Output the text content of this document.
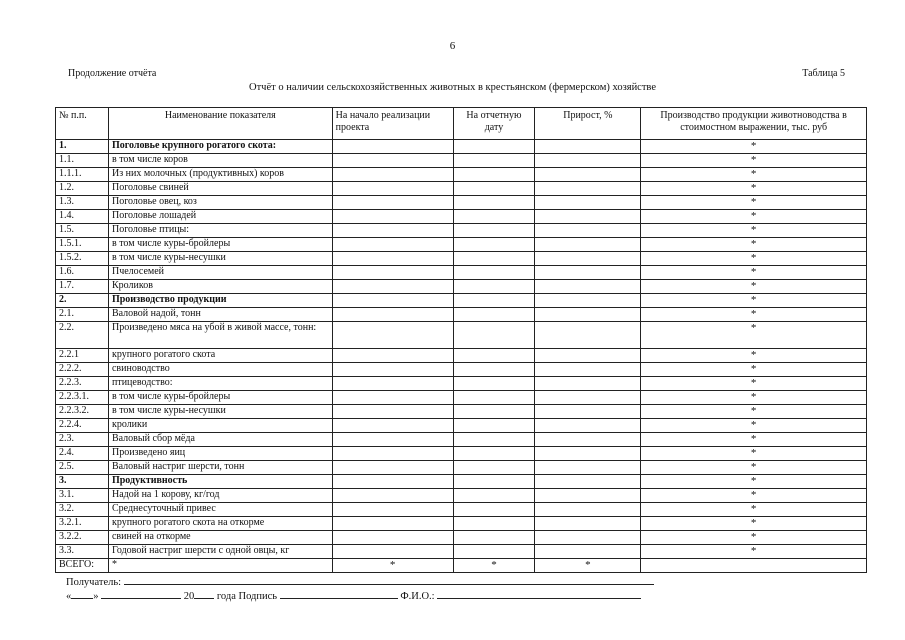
6
Продолжение отчёта	Таблица 5
Отчёт о наличии сельскохозяйственных животных в крестьянском (фермерском) хозяйстве
№ п.п.	Наименование показателя	На начало реализации проекта	На отчетную дату	Прирост, %	Производство продукции животноводства в стоимостном выражении, тыс. руб
1.	Поголовье крупного рогатого скота:				*
1.1.	в том числе коров				*
1.1.1.	Из них молочных (продуктивных) коров				*
1.2.	Поголовье свиней				*
1.3.	Поголовье овец, коз				*
1.4.	Поголовье лошадей				*
1.5.	Поголовье птицы:				*
1.5.1.	в том числе куры-бройлеры				*
1.5.2.	в том числе куры-несушки				*
1.6.	Пчелосемей				*
1.7.	Кроликов				*
2.	Производство продукции				*
2.1.	Валовой надой, тонн				*
2.2.	Произведено мяса на убой в живой массе, тонн:				*
2.2.1	крупного рогатого скота				*
2.2.2.	свиноводство				*
2.2.3.	птицеводство:				*
2.2.3.1.	в том числе куры-бройлеры				*
2.2.3.2.	в том числе куры-несушки				*
2.2.4.	кролики				*
2.3.	Валовый сбор мёда				*
2.4.	Произведено яиц				*
2.5.	Валовый настриг шерсти, тонн				*
3.	Продуктивность				*
3.1.	Надой на 1 корову, кг/год				*
3.2.	Среднесуточный привес				*
3.2.1.	крупного рогатого скота на откорме				*
3.2.2.	свиней на откорме				*
3.3.	Годовой настриг шерсти с одной овцы, кг				*
ВСЕГО:	*	*	*	*	
Получатель:
« »	20 года Подпись	Ф.И.О.:
